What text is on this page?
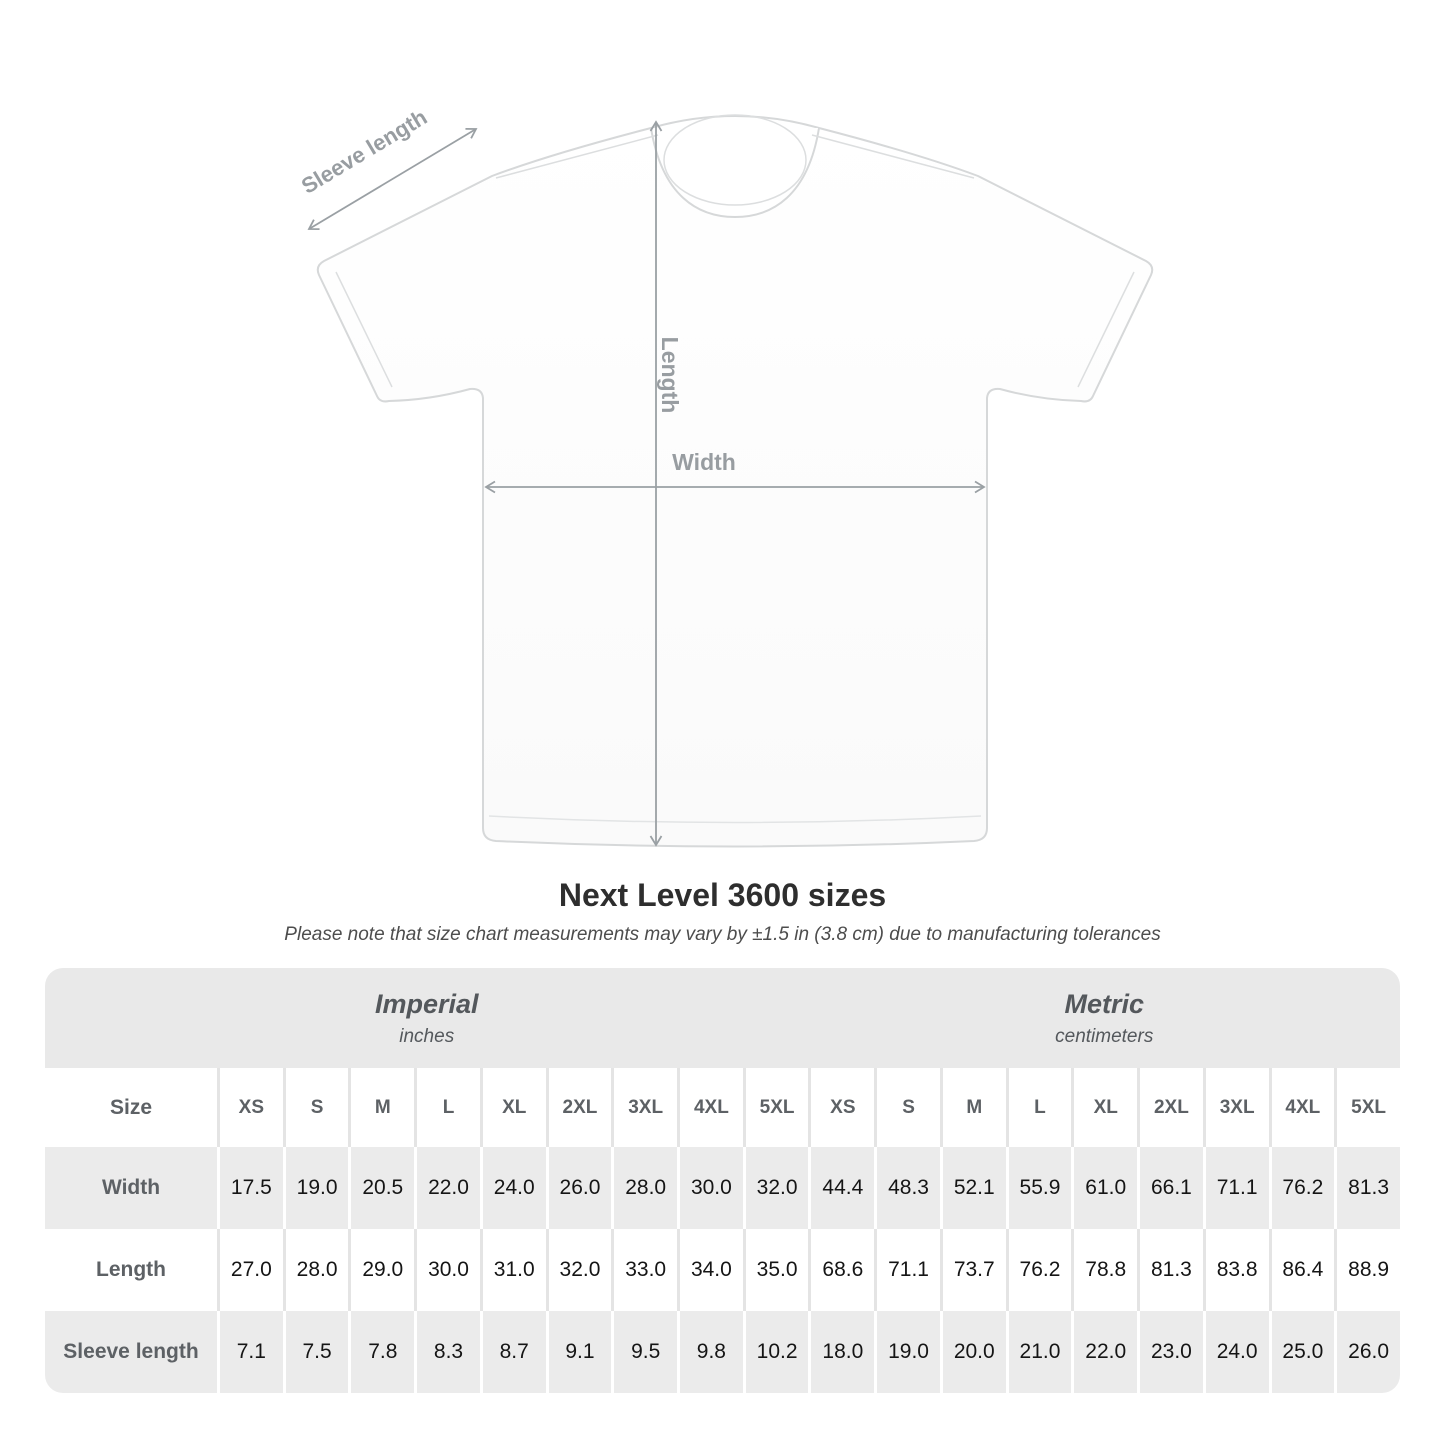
Sleeve length
Length
Width
Next Level 3600 sizes
Please note that size chart measurements may vary by ±1.5 in (3.8 cm) due to manufacturing tolerances
Imperial
inches

Metric
centimeters

Size	XS	S	M	L	XL	2XL	3XL	4XL	5XL	XS	S	M	L	XL	2XL	3XL	4XL	5XL
Width	17.5	19.0	20.5	22.0	24.0	26.0	28.0	30.0	32.0	44.4	48.3	52.1	55.9	61.0	66.1	71.1	76.2	81.3
Length	27.0	28.0	29.0	30.0	31.0	32.0	33.0	34.0	35.0	68.6	71.1	73.7	76.2	78.8	81.3	83.8	86.4	88.9
Sleeve length	7.1	7.5	7.8	8.3	8.7	9.1	9.5	9.8	10.2	18.0	19.0	20.0	21.0	22.0	23.0	24.0	25.0	26.0
